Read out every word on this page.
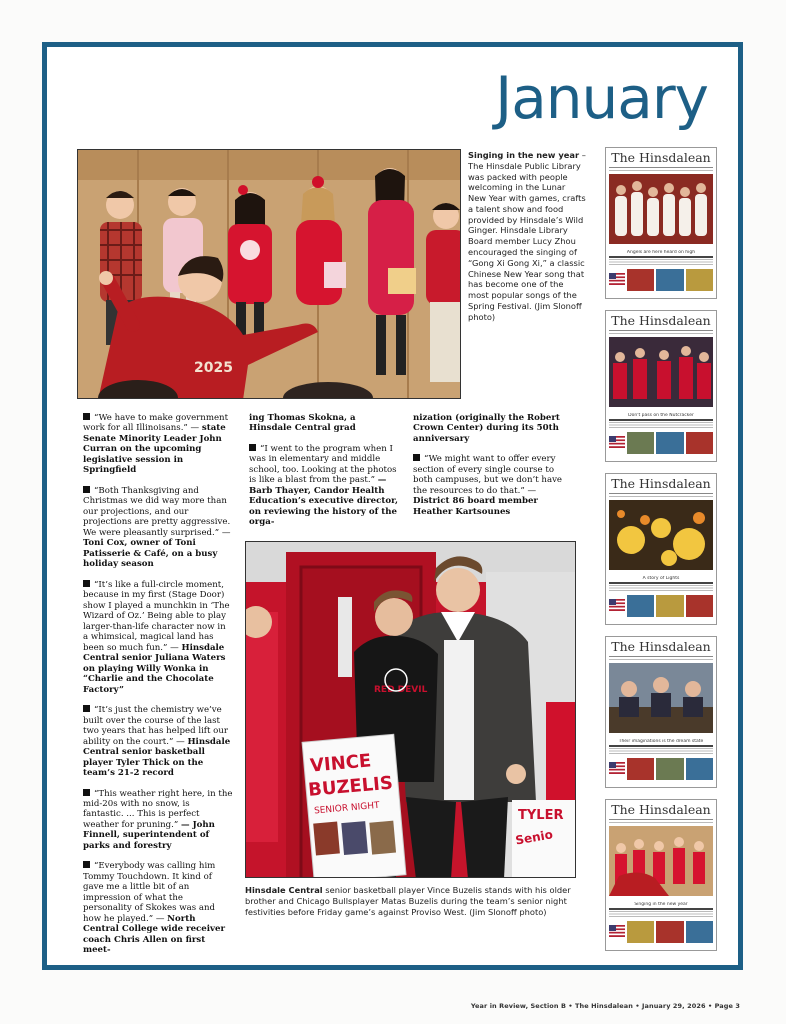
January
2025
Singing in the new year – The Hinsdale Public Library was packed with people welcoming in the Lunar New Year with games, crafts a talent show and food provided by Hinsdale’s Wild Ginger. Hinsdale Library Board member Lucy Zhou encouraged the singing of “Gong Xi Gong Xi,” a classic Chinese New Year song that has become one of the most popular songs of the Spring Festival. (Jim Slonoff photo)

“We have to make government work for all Illinoisans.” — state Senate Minority Leader John Curran on the upcoming legislative session in Springfield

“Both Thanksgiving and Christmas we did way more than our projections, and our projections are pretty aggressive. We were pleasantly surprised.” — Toni Cox, owner of Toni Patisserie & Café, on a busy holiday season

“It’s like a full-circle moment, because in my first (Stage Door) show I played a munchkin in ‘The Wizard of Oz.’ Being able to play larger-than-life character now in a whimsical, magical land has been so much fun.” — Hinsdale Central senior Juliana Waters on playing Willy Wonka in “Charlie and the Chocolate Factory”

“It’s just the chemistry we’ve built over the course of the last two years that has helped lift our ability on the court.” — Hinsdale Central senior basketball player Tyler Thick on the team’s 21-2 record

“This weather right here, in the mid-20s with no snow, is fantastic. ... This is perfect weather for pruning.” — John Finnell, superintendent of parks and forestry

“Everybody was calling him Tommy Touchdown. It kind of gave me a little bit of an impression of what the personality of Skokes was and how he played.” — North Central College wide receiver coach Chris Allen on first meet-

ing Thomas Skokna, a Hinsdale Central grad

“I went to the program when I was in elementary and middle school, too. Looking at the photos is like a blast from the past.” — Barb Thayer, Candor Health Education’s executive director, on reviewing the history of the orga-

nization (originally the Robert Crown Center) during its 50th anniversary

“We might want to offer every section of every single course to both campuses, but we don’t have the resources to do that.” — District 86 board member Heather Kartsounes

RED DEVIL
VINCE
BUZELIS
SENIOR NIGHT	TYLER
Senio
Hinsdale Central senior basketball player Vince Buzelis stands with his older brother and Chicago Bullsplayer Matas Buzelis during the team’s senior night festivities before Friday game’s against Proviso West. (Jim Slonoff photo)
The Hinsdalean
Angels are here heard on high
The Hinsdalean
Don't pass on the Nutcracker
The Hinsdalean
A story of Lights
The Hinsdalean
Their imaginations is the dream state
The Hinsdalean
Singing in the new year
Year in Review, Section B • The Hinsdalean • January 29, 2026 • Page 3
